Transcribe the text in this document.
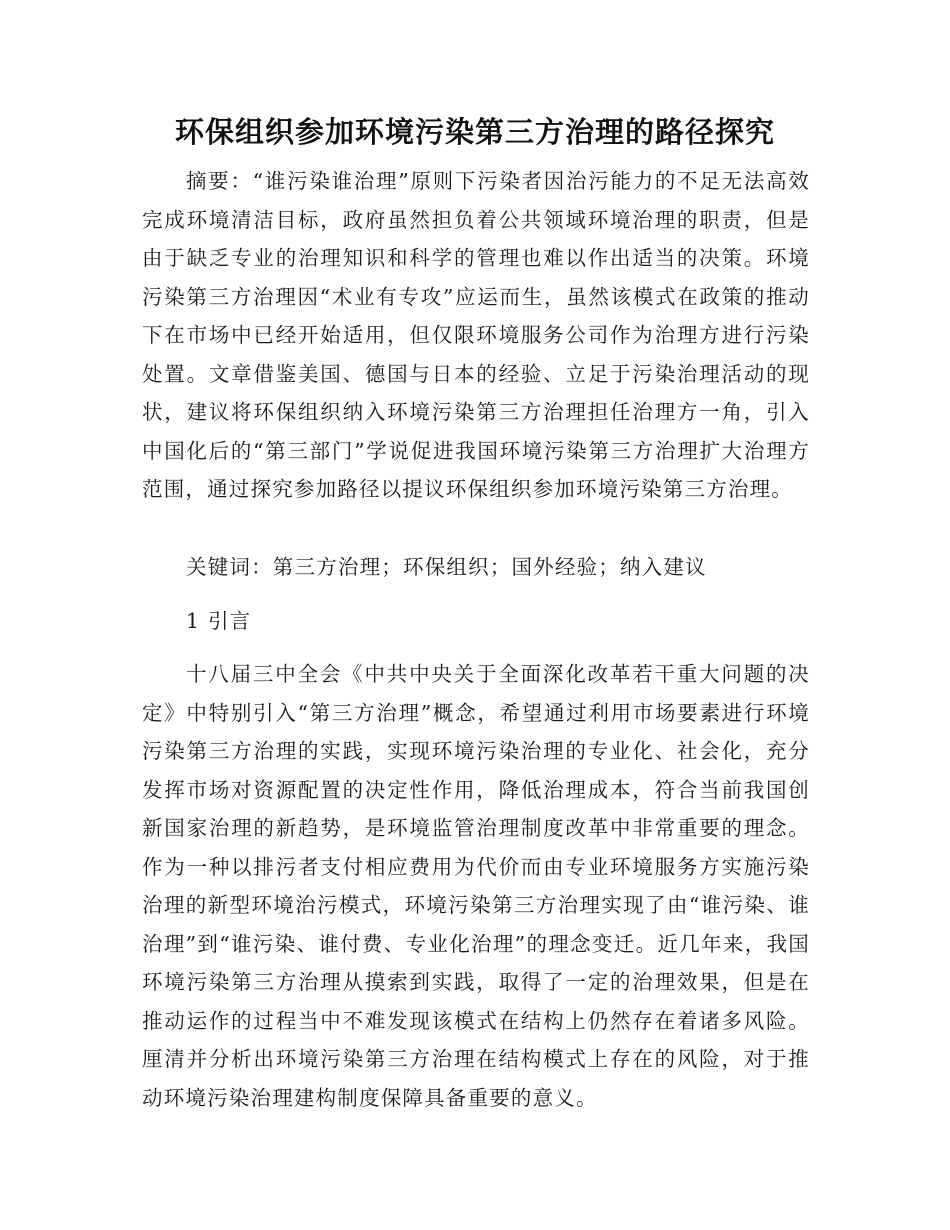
环保组织参加环境污染第三方治理的路径探究

摘要：“谁污染谁治理”原则下污染者因治污能力的不足无法高效完成环境清洁目标，政府虽然担负着公共领域环境治理的职责，但是由于缺乏专业的治理知识和科学的管理也难以作出适当的决策。环境污染第三方治理因“术业有专攻”应运而生，虽然该模式在政策的推动下在市场中已经开始适用，但仅限环境服务公司作为治理方进行污染处置。文章借鉴美国、德国与日本的经验、立足于污染治理活动的现状，建议将环保组织纳入环境污染第三方治理担任治理方一角，引入中国化后的“第三部门”学说促进我国环境污染第三方治理扩大治理方范围，通过探究参加路径以提议环保组织参加环境污染第三方治理。

关键词：第三方治理；环保组织；国外经验；纳入建议

1 引言

十八届三中全会《中共中央关于全面深化改革若干重大问题的决定》中特别引入“第三方治理”概念，希望通过利用市场要素进行环境污染第三方治理的实践，实现环境污染治理的专业化、社会化，充分发挥市场对资源配置的决定性作用，降低治理成本，符合当前我国创新国家治理的新趋势，是环境监管治理制度改革中非常重要的理念。作为一种以排污者支付相应费用为代价而由专业环境服务方实施污染治理的新型环境治污模式，环境污染第三方治理实现了由“谁污染、谁治理”到“谁污染、谁付费、专业化治理”的理念变迁。近几年来，我国环境污染第三方治理从摸索到实践，取得了一定的治理效果，但是在推动运作的过程当中不难发现该模式在结构上仍然存在着诸多风险。厘清并分析出环境污染第三方治理在结构模式上存在的风险，对于推动环境污染治理建构制度保障具备重要的意义。
